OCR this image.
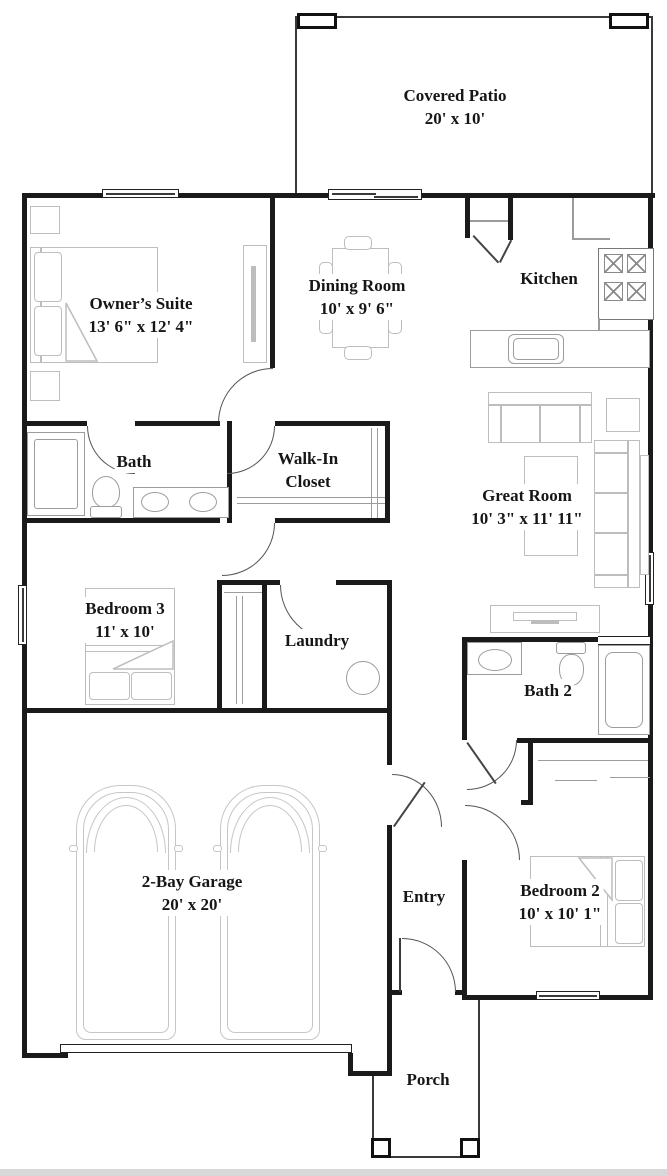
Covered Patio
20' x 10'
Owner’s Suite
13' 6" x 12' 4"
Dining Room
10' x 9' 6"
Kitchen
Bath	Walk-In
Closet
Great Room
10' 3" x 11' 11"
Bedroom 3
11' x 10'	Laundry
Bath 2
2-Bay Garage
20' x 20'	Entry	Bedroom 2
10' x 10' 1"
Porch
